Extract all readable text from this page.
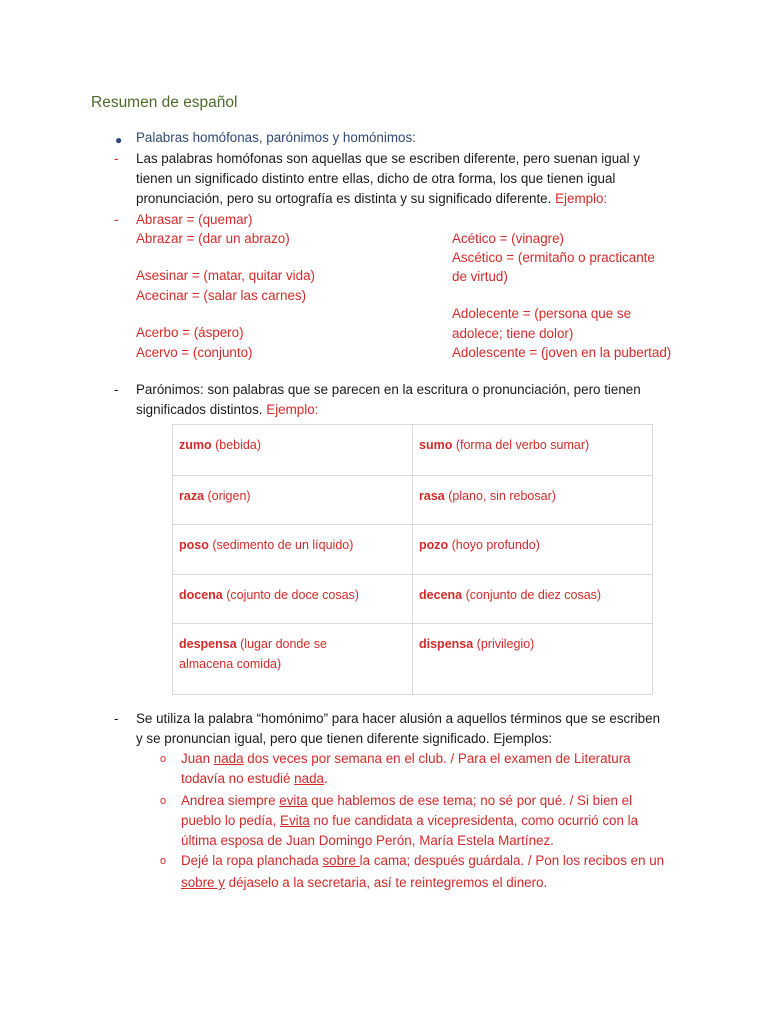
Resumen de español
● Palabras homófonas, parónimos y homónimos:
- Las palabras homófonas son aquellas que se escriben diferente, pero suenan igual y
tienen un significado distinto entre ellas, dicho de otra forma, los que tienen igual
pronunciación, pero su ortografía es distinta y su significado diferente. Ejemplo:
- Abrasar = (quemar)
Abrazar = (dar un abrazo)
Asesinar = (matar, quitar vida)
Acecinar = (salar las carnes)
Acerbo = (áspero)
Acervo = (conjunto)
Acético = (vinagre)
Ascético = (ermitaño o practicante
de virtud)
Adolecente = (persona que se
adolece; tiene dolor)
Adolescente = (joven en la pubertad)
- Parónimos: son palabras que se parecen en la escritura o pronunciación, pero tienen
significados distintos. Ejemplo:
zumo (bebida)	sumo (forma del verbo sumar)
raza (origen)	rasa (plano, sin rebosar)
poso (sedimento de un líquido)	pozo (hoyo profundo)
docena (cojunto de doce cosas)	decena (conjunto de diez cosas)
despensa (lugar donde se almacena comida)	dispensa (privilegio)
- Se utiliza la palabra “homónimo” para hacer alusión a aquellos términos que se escriben
y se pronuncian igual, pero que tienen diferente significado. Ejemplos:
o Juan nada dos veces por semana en el club. / Para el examen de Literatura
todavía no estudié nada.
o Andrea siempre evita que hablemos de ese tema; no sé por qué. / Si bien el
pueblo lo pedía, Evita no fue candidata a vicepresidenta, como ocurrió con la
última esposa de Juan Domingo Perón, María Estela Martínez.
o Dejé la ropa planchada sobre la cama; después guárdala. / Pon los recibos en un
sobre y déjaselo a la secretaria, así te reintegremos el dinero.
